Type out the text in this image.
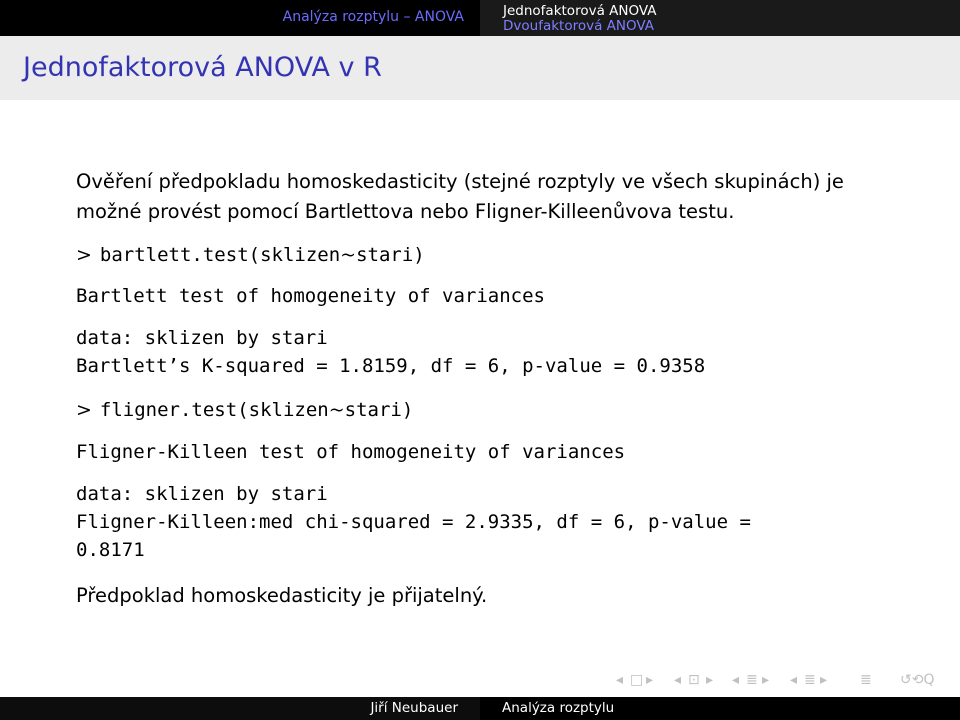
Analýza rozptylu – ANOVA	Jednofaktorová ANOVA
Dvoufaktorová ANOVA
Jednofaktorová ANOVA v R
Ověření předpokladu homoskedasticity (stejné rozptyly ve všech skupinách) je
možné provést pomocí Bartlettova nebo Fligner-Killeenůvova testu.
> bartlett.test(sklizen~stari)
Bartlett test of homogeneity of variances
data: sklizen by stari
Bartlett’s K-squared = 1.8159, df = 6, p-value = 0.9358
> fligner.test(sklizen~stari)
Fligner-Killeen test of homogeneity of variances
data: sklizen by stari
Fligner-Killeen:med chi-squared = 2.9335, df = 6, p-value =
0.8171
Předpoklad homoskedasticity je přijatelný.
◂ □ ▸ ◂ ⊡ ▸ ◂ ≣ ▸ ◂ ≣ ▸ ≣ ↺⟲Q
Jiří Neubauer	Analýza rozptylu
